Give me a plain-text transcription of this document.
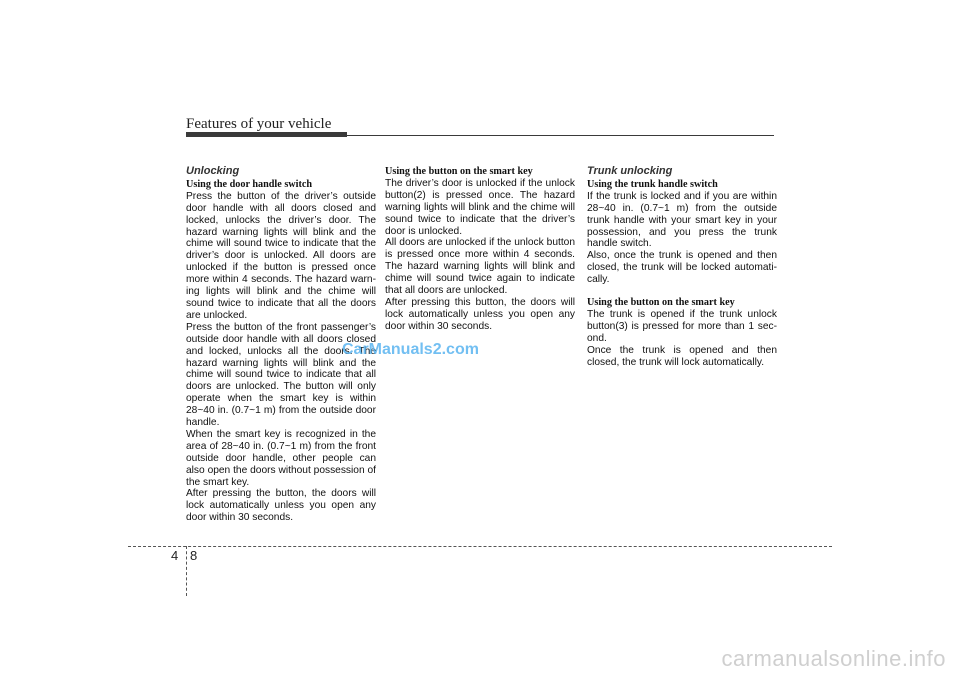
Features of your vehicle

Unlocking

Using the door handle switch

Press the button of the driver’s outside door handle with all doors closed and locked, unlocks the driver’s door. The hazard warning lights will blink and the chime will sound twice to indicate that the driver’s door is unlocked. All doors are unlocked if the button is pressed once more within 4 seconds. The hazard warning lights will blink and the chime will sound twice to indicate that all the doors are unlocked.

Press the button of the front passenger’s outside door handle with all doors closed and locked, unlocks all the doors. The hazard warning lights will blink and the chime will sound twice to indicate that all doors are unlocked. The button will only operate when the smart key is within 28~40 in. (0.7~1 m) from the outside door handle.

When the smart key is recognized in the area of 28~40 in. (0.7~1 m) from the front outside door handle, other people can also open the doors without possession of the smart key.

After pressing the button, the doors will lock automatically unless you open any door within 30 seconds.

Using the button on the smart key

The driver’s door is unlocked if the unlock button(2) is pressed once. The hazard warning lights will blink and the chime will sound twice to indicate that the driver’s door is unlocked.

All doors are unlocked if the unlock button is pressed once more within 4 seconds. The hazard warning lights will blink and chime will sound twice again to indicate that all doors are unlocked.

After pressing this button, the doors will lock automatically unless you open any door within 30 seconds.

Trunk unlocking

Using the trunk handle switch

If the trunk is locked and if you are within 28~40 in. (0.7~1 m) from the outside trunk handle with your smart key in your possession, and you press the trunk handle switch.

Also, once the trunk is opened and then closed, the trunk will be locked automatically.

Using the button on the smart key

The trunk is opened if the trunk unlock button(3) is pressed for more than 1 second.

Once the trunk is opened and then closed, the trunk will lock automatically.

CarManuals2.com
4 8
carmanualsonline.info
